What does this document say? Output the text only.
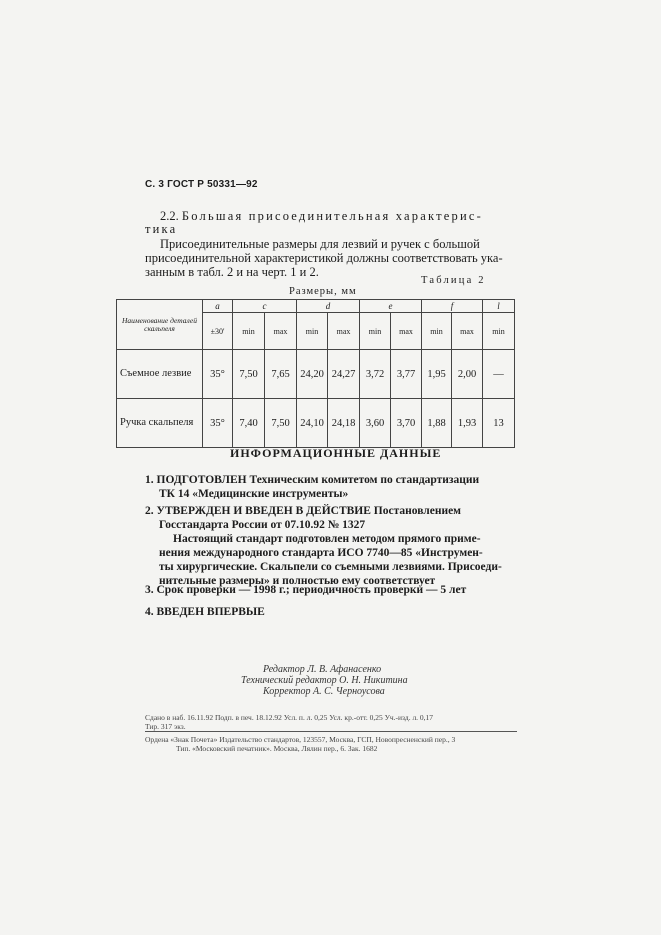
С. 3 ГОСТ Р 50331—92
2.2. Большая присоединительная характерис-
тика
Присоединительные размеры для лезвий и ручек с большой
присоединительной характеристикой должны соответствовать ука-
занным в табл. 2 и на черт. 1 и 2.
Таблица 2
Размеры, мм
Наименование деталей скальпеля	a	c		d		e		f		l
	±30'	min	max	min	max	min	max	min	max	min
Съемное лезвие	35°	7,50	7,65	24,20	24,27	3,72	3,77	1,95	2,00	—
Ручка скальпеля	35°	7,40	7,50	24,10	24,18	3,60	3,70	1,88	1,93	13
ИНФОРМАЦИОННЫЕ ДАННЫЕ
1. ПОДГОТОВЛЕН Техническим комитетом по стандартизации
ТК 14 «Медицинские инструменты»
2. УТВЕРЖДЕН И ВВЕДЕН В ДЕЙСТВИЕ Постановлением
Госстандарта России от 07.10.92 № 1327
Настоящий стандарт подготовлен методом прямого приме-
нения международного стандарта ИСО 7740—85 «Инструмен-
ты хирургические. Скальпели со съемными лезвиями. Присоеди-
нительные размеры» и полностью ему соответствует
3. Срок проверки — 1998 г.; периодичность проверки — 5 лет
4. ВВЕДЕН ВПЕРВЫЕ
Редактор Л. В. Афанасенко
Технический редактор О. Н. Никитина
Корректор А. С. Черноусова
Сдано в наб. 16.11.92 Подп. в печ. 18.12.92 Усл. п. л. 0,25 Усл. кр.-отт. 0,25 Уч.-изд. л. 0,17
Тир. 317 экз.
Ордена «Знак Почета» Издательство стандартов, 123557, Москва, ГСП, Новопресненский пер., 3
Тип. «Московский печатник». Москва, Лялин пер., 6. Зак. 1682
